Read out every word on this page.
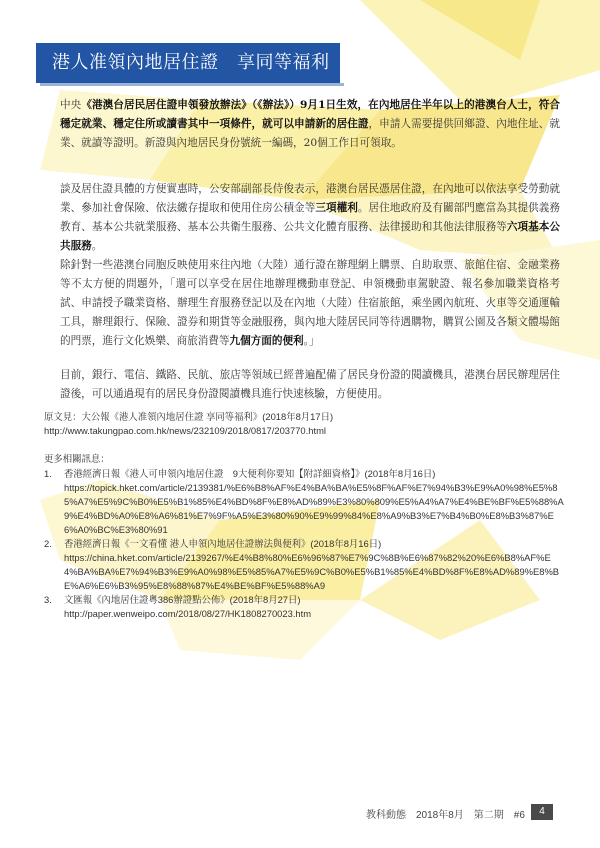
港人准領內地居住證　享同等福利

中央《港澳台居民居住證申領發放辦法》（《辦法》）9月1日生效，在內地居住半年以上的港澳台人士，符合穩定就業、穩定住所或讀書其中一項條件，就可以申請新的居住證，申請人需要提供回鄉證、內地住址、就業、就讀等證明。新證與內地居民身份號統一編碼，20個工作日可領取。

談及居住證具體的方便實惠時，公安部副部長侍俊表示，港澳台居民憑居住證，在內地可以依法享受勞動就業、參加社會保險、依法繳存提取和使用住房公積金等三項權利。居住地政府及有關部門應當為其提供義務教育、基本公共就業服務、基本公共衛生服務、公共文化體育服務、法律援助和其他法律服務等六項基本公共服務。

除針對一些港澳台同胞反映使用來往內地（大陸）通行證在辦理網上購票、自助取票、旅館住宿、金融業務等不太方便的問題外，「還可以享受在居住地辦理機動車登記、申領機動車駕駛證、報名參加職業資格考試、申請授予職業資格、辦理生育服務登記以及在內地（大陸）住宿旅館，乘坐國內航班、火車等交通運輸工具，辦理銀行、保險、證券和期貨等金融服務，與內地大陸居民同等待遇購物，購買公園及各類文體場館的門票，進行文化娛樂、商旅消費等九個方面的便利。」

目前，銀行、電信、鐵路、民航、旅店等領域已經普遍配備了居民身份證的閱讀機具，港澳台居民辦理居住證後，可以通過現有的居民身份證閱讀機具進行快速核驗，方便使用。

原文見：大公報《港人准領內地居住證 享同等福利》(2018年8月17日)
http://www.takungpao.com.hk/news/232109/2018/0817/203770.html
更多相關訊息：
1. 香港經濟日報《港人可申領內地居住證　9大便利你要知【附詳細資格】》(2018年8月16日)
https://topick.hket.com/article/2139381/%E6%B8%AF%E4%BA%BA%E5%8F%AF%E7%94%B3%E9%A0%98%E5%85%A7%E5%9C%B0%E5%B1%85%E4%BD%8F%E8%AD%89%E3%80%809%E5%A4%A7%E4%BE%BF%E5%88%A9%E4%BD%A0%E8%A6%81%E7%9F%A5%E3%80%90%E9%99%84%E8%A9%B3%E7%B4%B0%E8%B3%87%E6%A0%BC%E3%80%91
2. 香港經濟日報《一文看懂 港人申領內地居住證辦法與便利》(2018年8月16日)
https://china.hket.com/article/2139267/%E4%B8%80%E6%96%87%E7%9C%8B%E6%87%82%20%E6%B8%AF%E4%BA%BA%E7%94%B3%E9%A0%98%E5%85%A7%E5%9C%B0%E5%B1%85%E4%BD%8F%E8%AD%89%E8%BE%A6%E6%B3%95%E8%88%87%E4%BE%BF%E5%88%A9
3. 文匯報《內地居住證粵386辦證點公佈》(2018年8月27日)
http://paper.wenweipo.com/2018/08/27/HK1808270023.htm
教科動態　2018年8月　第二期　#6	4
